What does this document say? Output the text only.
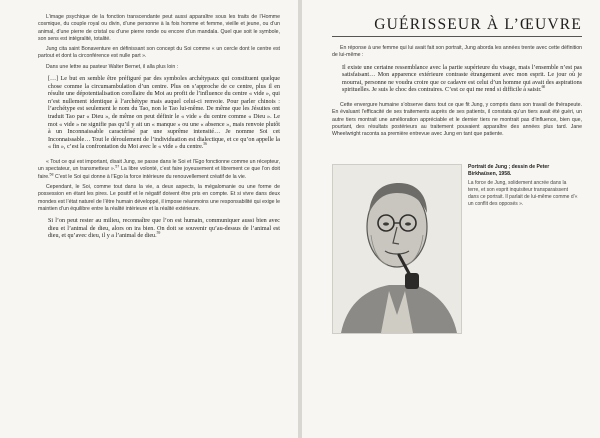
L’image psychique de la fonction transcendante peut aussi apparaître sous les traits de l’Homme cosmique, du couple royal ou divin, d’une personne à la fois homme et femme, vieille et jeune, ou d’un animal, d’une pierre de cristal ou d’une pierre ronde ou encore d’un mandala. Quel que soit le symbole, son sens est intégralité, totalité.

Jung cita saint Bonaventure en définissant son concept du Soi comme « un cercle dont le centre est partout et dont la circonférence est nulle part ».

Dans une lettre au pasteur Walter Bernet, il alla plus loin :

[…] Le but en semble être préfiguré par des symboles archétypaux qui constituent quelque chose comme la circumambulation d’un centre. Plus on s’approche de ce centre, plus il en résulte une dépotentialisation corollaire du Moi au profit de l’influence du centre « vide », qui n’est nullement identique à l’archétype mais auquel celui-ci renvoie. Pour parler chinois : l’archétype est seulement le nom du Tao, non le Tao lui-même. De même que les Jésuites ont traduit Tao par « Dieu », de même on peut définir le « vide » du centre comme « Dieu ». Le mot « vide » ne signifie pas qu’il y ait un « manque » ou une « absence », mais renvoie plutôt à un Inconnaissable caractérisé par une suprême intensité… Je nomme Soi cet Inconnaissable… Tout le déroulement de l’individuation est dialectique, et ce qu’on appelle la « fin », c’est la confrontation du Moi avec le « vide » du centre.$^{56}$

« Tout ce qui est important, disait Jung, se passe dans le Soi et l’Ego fonctionne comme un récepteur, un spectateur, un transmetteur ».$^{57}$ La libre volonté, c’est faire joyeusement et librement ce que l’on doit faire.$^{58}$ C’est le Soi qui donne à l’Ego la force intérieure du renouvellement créatif de la vie.

Cependant, le Soi, comme tout dans la vie, a deux aspects, la mégalomanie ou une forme de possession en étant les pires. Le positif et le négatif doivent être pris en compte. Et si vivre dans deux mondes est l’état naturel de l’être humain développé, il impose néanmoins une responsabilité qui exige le maintien d’un équilibre entre la réalité intérieure et la réalité extérieure.

Si l’on peut rester au milieu, reconnaître que l’on est humain, communiquer aussi bien avec dieu et l’animal de dieu, alors on ira bien. On doit se souvenir qu’au-dessus de l’animal est dieu, et qu’avec dieu, il y a l’animal de dieu.$^{59}$

GUÉRISSEUR À L’ŒUVRE

En réponse à une femme qui lui avait fait son portrait, Jung aborda les années trente avec cette définition de lui-même :

Il existe une certaine ressemblance avec la partie supérieure du visage, mais l’ensemble n’est pas satisfaisant… Mon apparence extérieure contraste étrangement avec mon esprit. Le jour où je mourrai, personne ne voudra croire que ce cadavre est celui d’un homme qui avait des aspirations spirituelles. Je suis le choc des contraires. C’est ce qui me rend si difficile à saisir.$^{60}$

Cette envergure humaine s’observe dans tout ce que fit Jung, y compris dans son travail de thérapeute. En évaluant l’efficacité de ses traitements auprès de ses patients, il constata qu’un tiers avait été guéri, un autre tiers montrait une amélioration appréciable et le dernier tiers ne montrait pas d’influence, bien que, pourtant, des résultats postérieurs au traitement pouvaient apparaître des années plus tard. Jane Wheelwright raconta sa première entrevue avec Jung en tant que patiente.

Portrait de Jung ; dessin de Peter Birkhaüsen, 1958.

La force de Jung, solidement ancrée dans la terre, et son esprit inquisiteur transparaissent dans ce portrait. Il parlait de lui-même comme d’« un conflit des opposés ».
